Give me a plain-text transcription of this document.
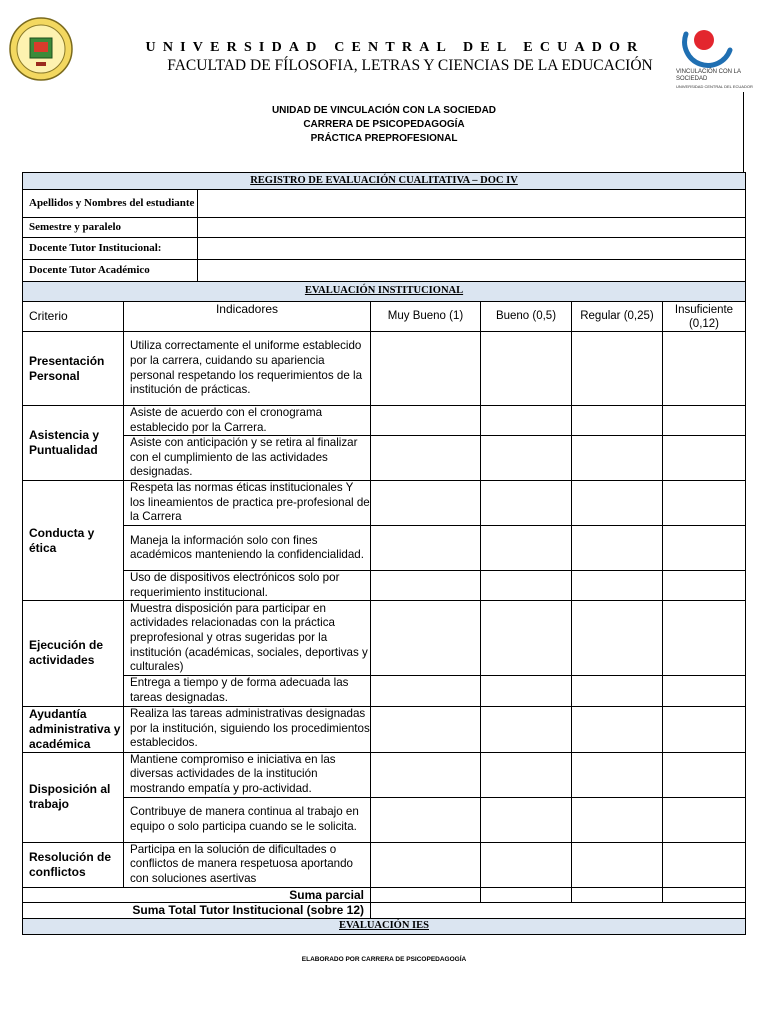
VINCULACIÓN CON LA SOCIEDAD
UNIVERSIDAD CENTRAL DEL ECUADOR
UNIVERSIDAD CENTRAL DEL ECUADOR
FACULTAD DE FÍLOSOFIA, LETRAS Y CIENCIAS DE LA EDUCACIÓN
UNIDAD DE VINCULACIÓN CON LA SOCIEDAD
CARRERA DE PSICOPEDAGOGÍA
PRÁCTICA PREPROFESIONAL
REGISTRO DE EVALUACIÓN CUALITATIVA – DOC IV						
Apellidos y Nombres del estudiante						
Semestre y paralelo						
Docente Tutor Institucional:						
Docente Tutor Académico						
EVALUACIÓN INSTITUCIONAL						
Criterio	Indicadores		Muy Bueno (1)	Bueno (0,5)	Regular (0,25)	Insuficiente (0,12)
Presentación Personal	Utiliza correctamente el uniforme establecido por la carrera, cuidando su apariencia personal respetando los requerimientos de la institución de prácticas.					
Asistencia y Puntualidad	Asiste de acuerdo con el cronograma establecido por la Carrera.					
	Asiste con anticipación y se retira al finalizar con el cumplimiento de las actividades designadas.					
Conducta y ética	Respeta las normas éticas institucionales Y los lineamientos de practica pre-profesional de la Carrera					
	Maneja la información solo con fines académicos manteniendo la confidencialidad.					
	Uso de dispositivos electrónicos solo por requerimiento institucional.					
Ejecución de actividades	Muestra disposición para participar en actividades relacionadas con la práctica preprofesional y otras sugeridas por la institución (académicas, sociales, deportivas y culturales)					
	Entrega a tiempo y de forma adecuada las tareas designadas.					
Ayudantía administrativa y académica	Realiza las tareas administrativas designadas por la institución, siguiendo los procedimientos establecidos.					
Disposición al trabajo	Mantiene compromiso e iniciativa en las diversas actividades de la institución mostrando empatía y pro-actividad.					
	Contribuye de manera continua al trabajo en equipo o solo participa cuando se le solicita.					
Resolución de conflictos	Participa en la solución de dificultades o conflictos de manera respetuosa aportando con soluciones asertivas					
Suma parcial						
Suma Total Tutor Institucional (sobre 12)						
EVALUACIÓN IES						
ELABORADO POR CARRERA DE PSICOPEDAGOGÍA
